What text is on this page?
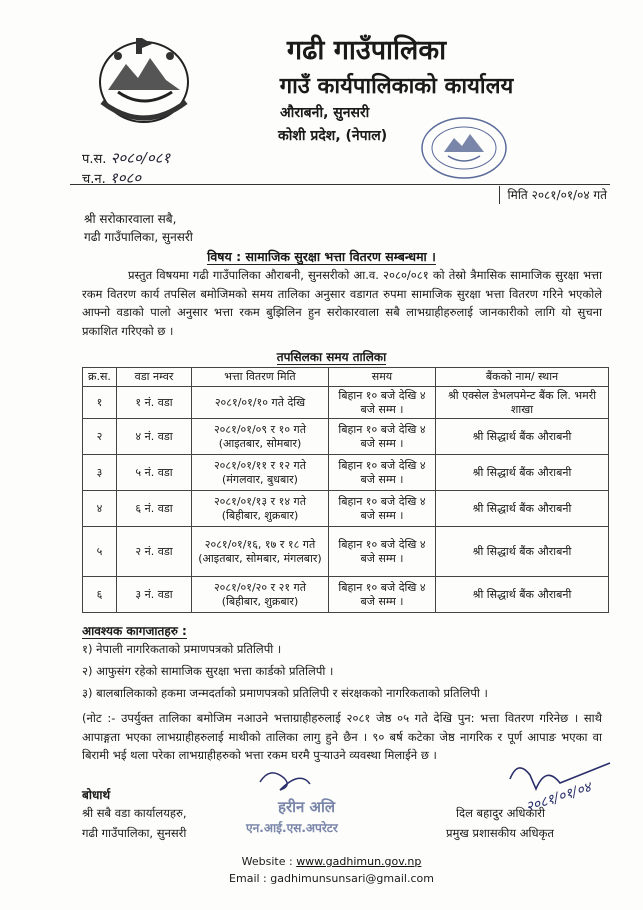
गढी गाउँपालिका
गाउँ कार्यपालिकाको कार्यालय
औराबनी, सुनसरी
कोशी प्रदेश, (नेपाल)
प.स. २०८०/०८१
च.न. १०८०
मिति २०८१/०१/०४ गते
श्री सरोकारवाला सबै,
गढी गाउँपालिका, सुनसरी
विषय : सामाजिक सुरक्षा भत्ता वितरण सम्बन्धमा ।
प्रस्तुत विषयमा गढी गाउँपालिका औराबनी, सुनसरीको आ.व. २०८०/०८१ को तेस्रो त्रैमासिक सामाजिक सुरक्षा भत्ता रकम वितरण कार्य तपसिल बमोजिमको समय तालिका अनुसार वडागत रुपमा सामाजिक सुरक्षा भत्ता वितरण गरिने भएकोले आफ्नो वडाको पालो अनुसार भत्ता रकम बुझिलिन हुन सरोकारवाला सबै लाभग्राहीहरुलाई जानकारीको लागि यो सुचना प्रकाशित गरिएको छ ।
तपसिलका समय तालिका
क्र.स.	वडा नम्वर	भत्ता वितरण मिति	समय	बैंकको नाम/ स्थान
१	१ नं. वडा	२०८१/०१/१० गते देखि	बिहान १० बजे देखि ४ बजे सम्म ।	श्री एक्सेल डेभलपमेन्ट बैंक लि. भमरी शाखा
२	४ नं. वडा	२०८१/०१/०९ र १० गते (आइतबार, सोमबार)	बिहान १० बजे देखि ४ बजे सम्म ।	श्री सिद्धार्थ बैंक औराबनी
३	५ नं. वडा	२०८१/०१/११ र १२ गते (मंगलवार, बुधबार)	बिहान १० बजे देखि ४ बजे सम्म ।	श्री सिद्धार्थ बैंक औराबनी
४	६ नं. वडा	२०८१/०१/१३ र १४ गते (बिहीबार, शुक्रबार)	बिहान १० बजे देखि ४ बजे सम्म ।	श्री सिद्धार्थ बैंक औराबनी
५	२ नं. वडा	२०८१/०१/१६, १७ र १८ गते (आइतबार, सोमबार, मंगलबार)	बिहान १० बजे देखि ४ बजे सम्म ।	श्री सिद्धार्थ बैंक औराबनी
६	३ नं. वडा	२०८१/०१/२० र २१ गते (बिहीबार, शुक्रबार)	बिहान १० बजे देखि ४ बजे सम्म ।	श्री सिद्धार्थ बैंक औराबनी
आवश्यक कागजातहरु :
१) नेपाली नागरिकताको प्रमाणपत्रको प्रतिलिपी ।
२) आफुसंग रहेको सामाजिक सुरक्षा भत्ता कार्डको प्रतिलिपी ।
३) बालबालिकाको हकमा जन्मदर्ताको प्रमाणपत्रको प्रतिलिपी र संरक्षकको नागरिकताको प्रतिलिपी ।
(नोट :- उपर्युक्त तालिका बमोजिम नआउने भत्ताग्राहीहरुलाई २०८१ जेष्ठ ०५ गते देखि पुन: भत्ता वितरण गरिनेछ । साथै आपाङ्गता भएका लाभग्राहीहरुलाई माथीको तालिका लागु हुने छैन । ९० बर्ष कटेका जेष्ठ नागरिक र पूर्ण आपाङ भएका वा बिरामी भई थला परेका लाभग्राहीहरुको भत्ता रकम घरमै पुऱ्याउने व्यवस्था मिलाईने छ ।
बोधार्थ
श्री सबै वडा कार्यालयहरु,
गढी गाउँपालिका, सुनसरी
हरीन अलि
एन.आई.एस.अपरेटर
२०८१/०१/०४
दिल बहादुर अधिकारी
प्रमुख प्रशासकीय अधिकृत
Website : www.gadhimun.gov.np
Email : gadhimunsunsari@gmail.com
